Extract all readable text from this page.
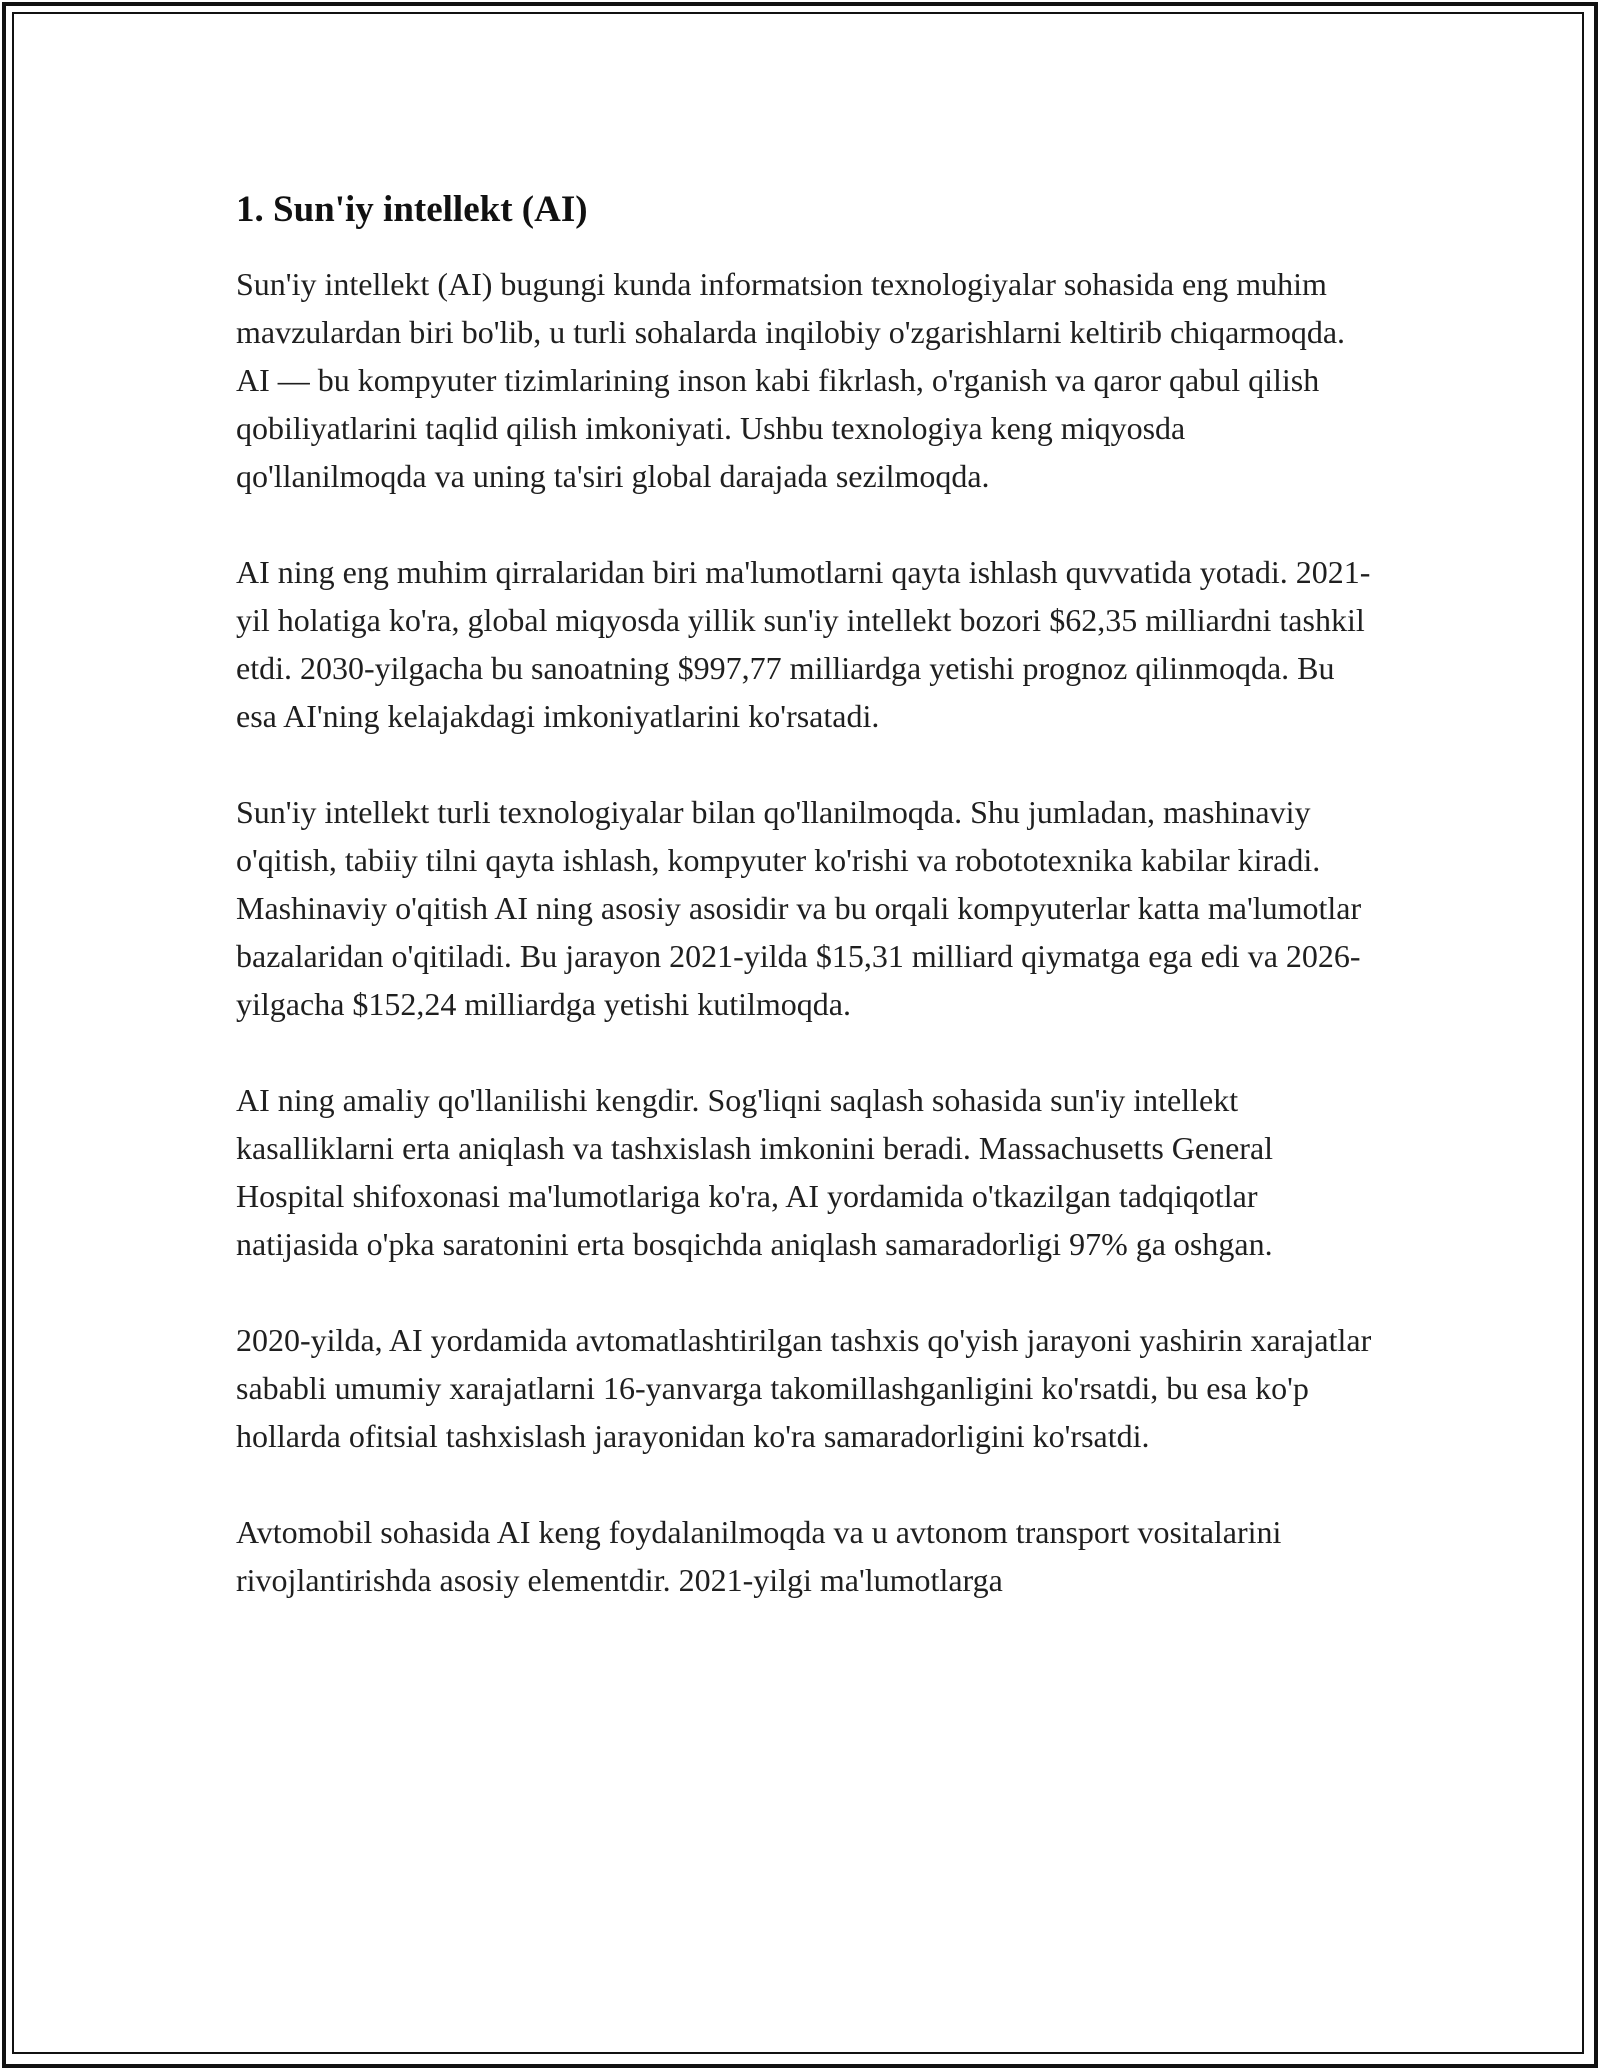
1. Sun'iy intellekt (AI)

Sun'iy intellekt (AI) bugungi kunda informatsion texnologiyalar sohasida eng muhim mavzulardan biri bo'lib, u turli sohalarda inqilobiy o'zgarishlarni keltirib chiqarmoqda. AI — bu kompyuter tizimlarining inson kabi fikrlash, o'rganish va qaror qabul qilish qobiliyatlarini taqlid qilish imkoniyati. Ushbu texnologiya keng miqyosda qo'llanilmoqda va uning ta'siri global darajada sezilmoqda.

AI ning eng muhim qirralaridan biri ma'lumotlarni qayta ishlash quvvatida yotadi. 2021-yil holatiga ko'ra, global miqyosda yillik sun'iy intellekt bozori $62,35 milliardni tashkil etdi. 2030-yilgacha bu sanoatning $997,77 milliardga yetishi prognoz qilinmoqda. Bu esa AI'ning kelajakdagi imkoniyatlarini ko'rsatadi.

Sun'iy intellekt turli texnologiyalar bilan qo'llanilmoqda. Shu jumladan, mashinaviy o'qitish, tabiiy tilni qayta ishlash, kompyuter ko'rishi va robototexnika kabilar kiradi. Mashinaviy o'qitish AI ning asosiy asosidir va bu orqali kompyuterlar katta ma'lumotlar bazalaridan o'qitiladi. Bu jarayon 2021-yilda $15,31 milliard qiymatga ega edi va 2026-yilgacha $152,24 milliardga yetishi kutilmoqda.

AI ning amaliy qo'llanilishi kengdir. Sog'liqni saqlash sohasida sun'iy intellekt kasalliklarni erta aniqlash va tashxislash imkonini beradi. Massachusetts General Hospital shifoxonasi ma'lumotlariga ko'ra, AI yordamida o'tkazilgan tadqiqotlar natijasida o'pka saratonini erta bosqichda aniqlash samaradorligi 97% ga oshgan.

2020-yilda, AI yordamida avtomatlashtirilgan tashxis qo'yish jarayoni yashirin xarajatlar sababli umumiy xarajatlarni 16-yanvarga takomillashganligini ko'rsatdi, bu esa ko'p hollarda ofitsial tashxislash jarayonidan ko'ra samaradorligini ko'rsatdi.

Avtomobil sohasida AI keng foydalanilmoqda va u avtonom transport vositalarini rivojlantirishda asosiy elementdir. 2021-yilgi ma'lumotlarga
